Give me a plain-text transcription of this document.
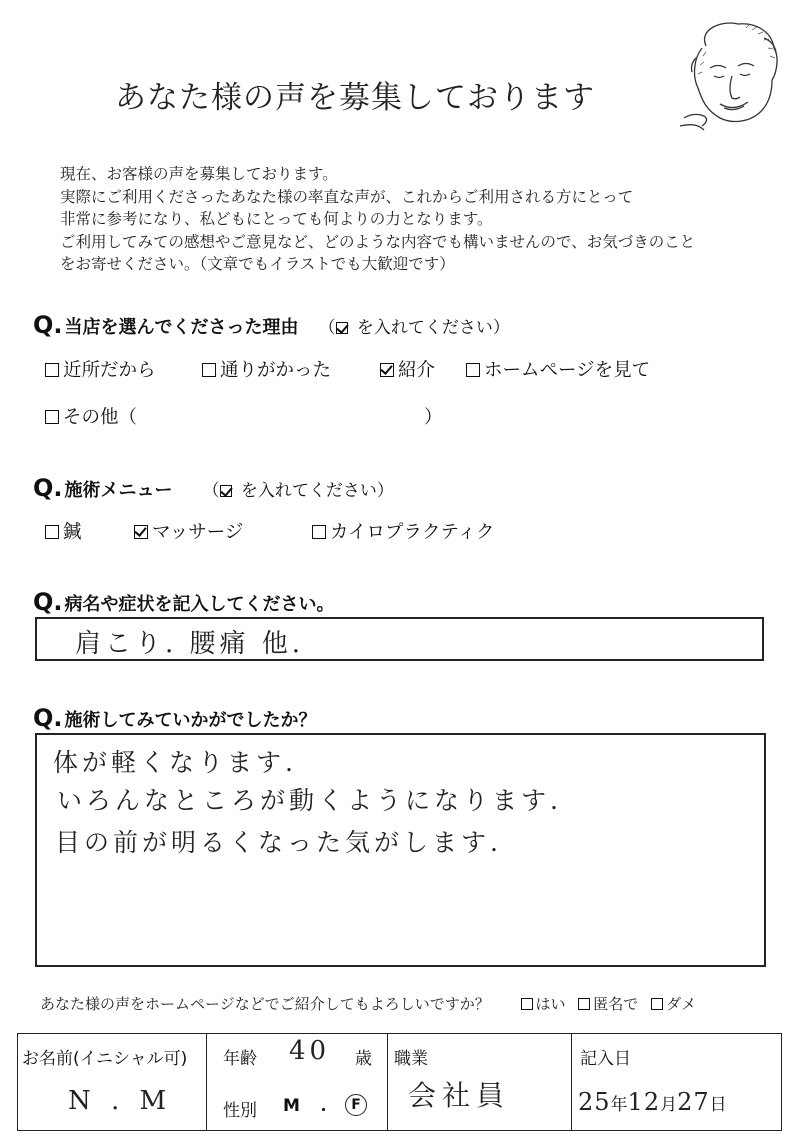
あなた様の声を募集しております
現在、お客様の声を募集しております。
実際にご利用くださったあなた様の率直な声が、これからご利用される方にとって
非常に参考になり、私どもにとっても何よりの力となります。
ご利用してみての感想やご意見など、どのような内容でも構いませんので、お気づきのこと
をお寄せください。（文章でもイラストでも大歓迎です）
Q. 当店を選んでくださった理由 （ を入れてください）
近所だから	通りがかった	紹介	ホームページを見て
その他（	）
Q. 施術メニュー （ を入れてください）
鍼	マッサージ	カイロプラクティク
Q. 病名や症状を記入してください。
肩こり. 腰痛 他.
Q. 施術してみていかがでしたか？
体が軽くなります.
いろんなところが動くようになります.
目の前が明るくなった気がします.
あなた様の声をホームページなどでご紹介してもよろしいですか？	はい 匿名で ダメ
お名前(イニシャル可)
N . M

年齢 40 歳
性別 M ・	F

職業
会社員

記入日
25年12月27日
